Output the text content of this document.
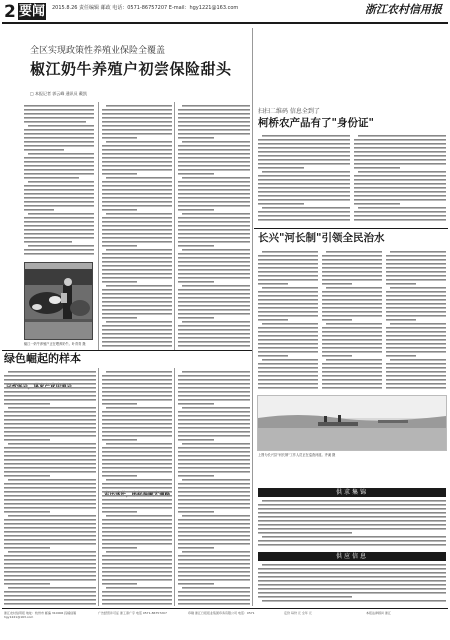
2 要闻 2015.8.26 责任编辑 邮政 电话：0571-86757207 E-mail：hgy1221@163.com	浙江农村信用报
全区实现政策性养殖业保险全覆盖
椒江奶牛养殖户初尝保险甜头
□ 本报记者 郭云峰 通讯员 戴凯
椒江一奶牛养殖户正在喂养奶牛。叶青青 摄
绿色崛起的样本
扫扫二维码 信息全到了
柯桥农产品有了"身份证"
长兴"河长制"引领全民治水
上图为长兴县"河长制"工作人员正在巡查河道。齐溪 摄
供求集锦
供应信息
浙江农村信用报 地址：杭州市 邮编 310006 投稿信箱 hgy1221@163.com
广告经营许可证 浙工商广字 电话 0571-86757207	印刷 浙江日报报业集团印务有限公司 电话：0571	定价 每份 元 全年 元	本报法律顾问 浙江
